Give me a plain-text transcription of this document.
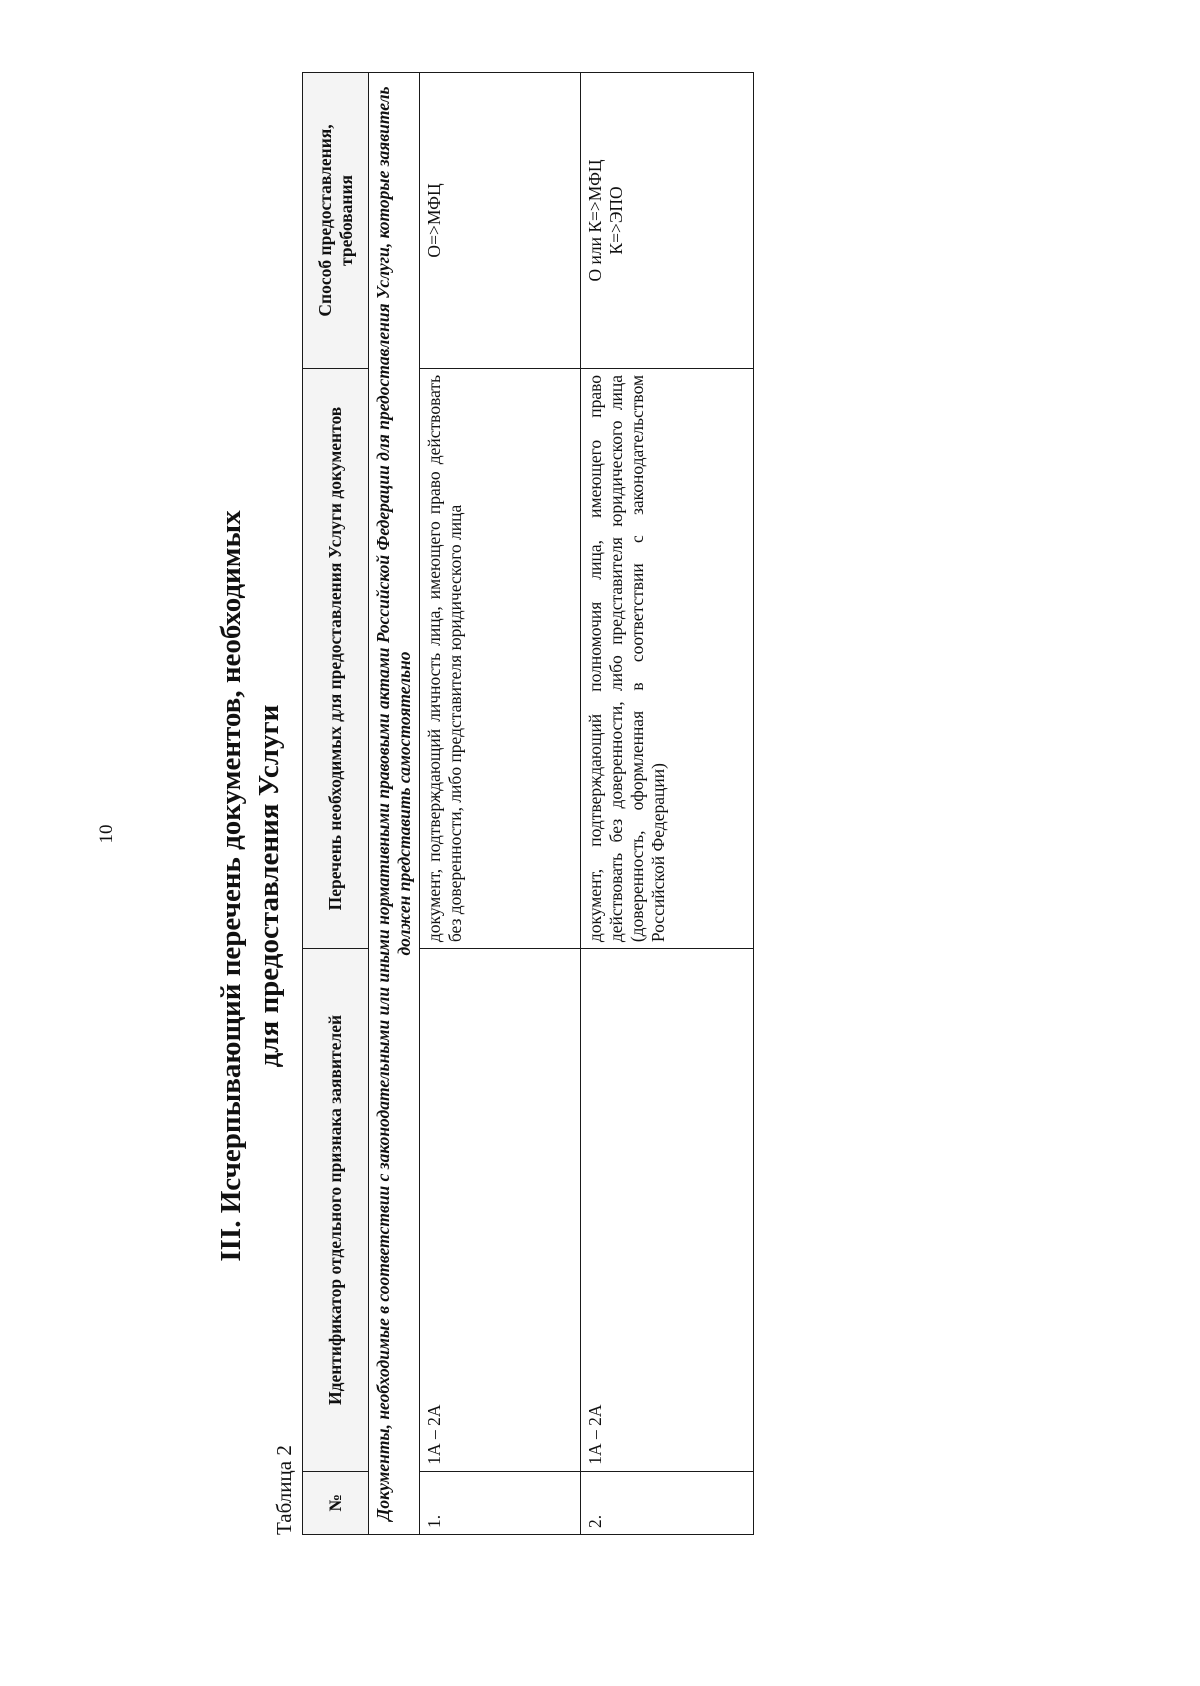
10	III. Исчерпывающий перечень документов, необходимых для предоставления Услуги
Таблица 2 №	Идентификатор отдельного признака заявителей	Перечень необходимых для предоставления Услуги документов	Способ предоставления, требования
Документы, необходимые в соответствии с законодательными или иными нормативными правовыми актами Российской Федерации для предоставления Услуги, которые заявитель должен представить самостоятельно			
1.	1А – 2А	документ, подтверждающий личность лица, имеющего право действовать без доверенности, либо представителя юридического лица	О=>МФЦ
2.	1А – 2А	документ, подтверждающий полномочия лица, имеющего право действовать без доверенности, либо представителя юридического лица (доверенность, оформленная в соответствии с законодательством Российской Федерации)	О или К=>МФЦ К=>ЭПО
